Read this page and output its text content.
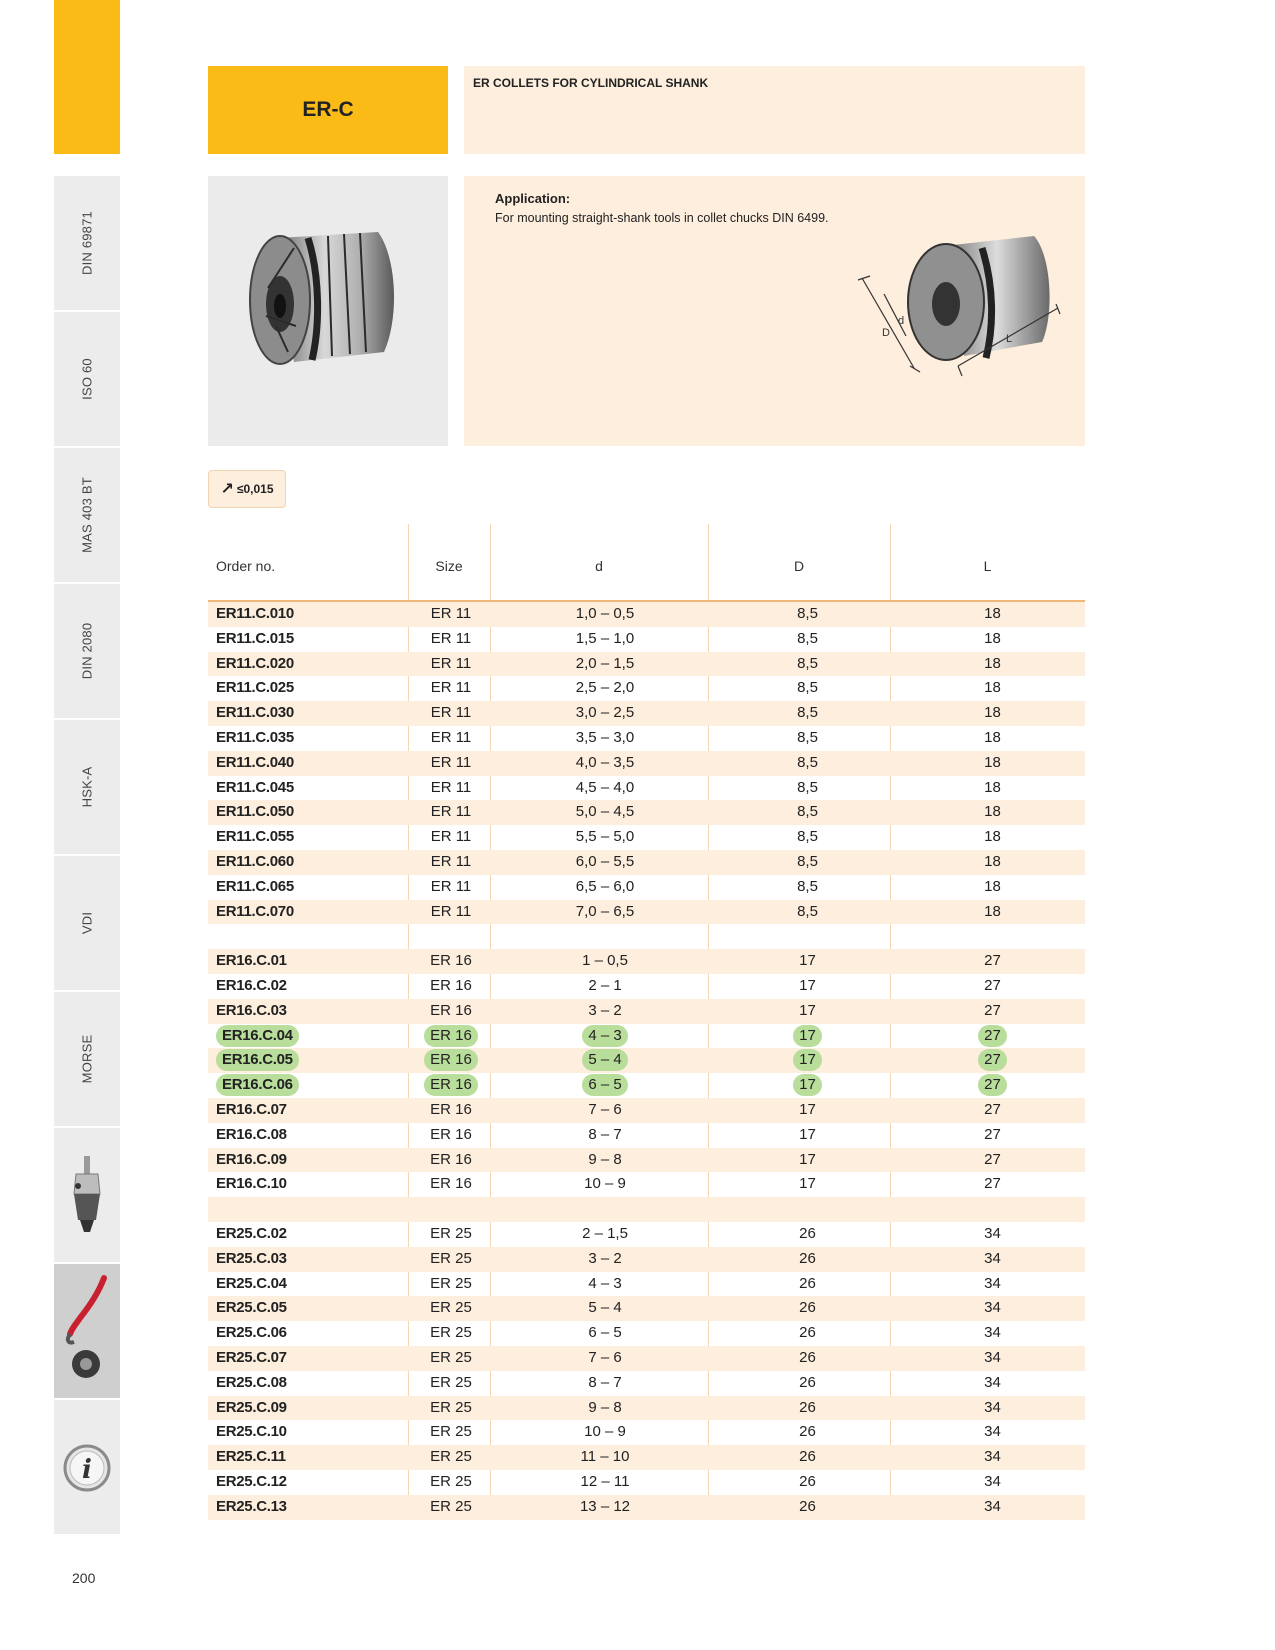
DIN 69871
ISO 60
MAS 403 BT
DIN 2080
HSK-A
VDI
MORSE
i
ER-C
ER COLLETS FOR CYLINDRICAL SHANK
Application:
For mounting straight-shank tools in collet chucks DIN 6499.
D
d
L
↗ ≤0,015
Order no.	Size	d	D	L
ER11.C.010	ER 11	1,0 – 0,5	8,5	18
ER11.C.015	ER 11	1,5 – 1,0	8,5	18
ER11.C.020	ER 11	2,0 – 1,5	8,5	18
ER11.C.025	ER 11	2,5 – 2,0	8,5	18
ER11.C.030	ER 11	3,0 – 2,5	8,5	18
ER11.C.035	ER 11	3,5 – 3,0	8,5	18
ER11.C.040	ER 11	4,0 – 3,5	8,5	18
ER11.C.045	ER 11	4,5 – 4,0	8,5	18
ER11.C.050	ER 11	5,0 – 4,5	8,5	18
ER11.C.055	ER 11	5,5 – 5,0	8,5	18
ER11.C.060	ER 11	6,0 – 5,5	8,5	18
ER11.C.065	ER 11	6,5 – 6,0	8,5	18
ER11.C.070	ER 11	7,0 – 6,5	8,5	18
ER16.C.01	ER 16	1 – 0,5	17	27
ER16.C.02	ER 16	2 – 1	17	27
ER16.C.03	ER 16	3 – 2	17	27
ER16.C.04	ER 16	4 – 3	17	27
ER16.C.05	ER 16	5 – 4	17	27
ER16.C.06	ER 16	6 – 5	17	27
ER16.C.07	ER 16	7 – 6	17	27
ER16.C.08	ER 16	8 – 7	17	27
ER16.C.09	ER 16	9 – 8	17	27
ER16.C.10	ER 16	10 – 9	17	27
ER25.C.02	ER 25	2 – 1,5	26	34
ER25.C.03	ER 25	3 – 2	26	34
ER25.C.04	ER 25	4 – 3	26	34
ER25.C.05	ER 25	5 – 4	26	34
ER25.C.06	ER 25	6 – 5	26	34
ER25.C.07	ER 25	7 – 6	26	34
ER25.C.08	ER 25	8 – 7	26	34
ER25.C.09	ER 25	9 – 8	26	34
ER25.C.10	ER 25	10 – 9	26	34
ER25.C.11	ER 25	11 – 10	26	34
ER25.C.12	ER 25	12 – 11	26	34
ER25.C.13	ER 25	13 – 12	26	34
200
